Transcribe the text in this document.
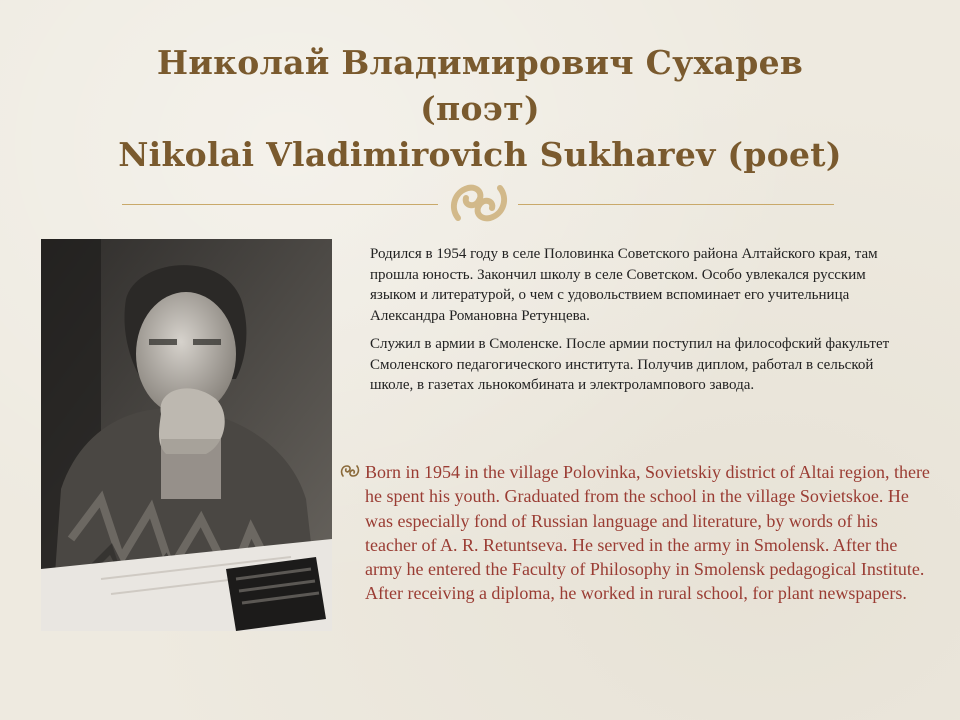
Николай Владимирович Сухарев
(поэт)
Nikolai Vladimirovich Sukharev (poet)

Родился в 1954 году в селе Половинка Советского района Алтайского края, там прошла юность. Закончил школу в селе Советском. Особо увлекался русским языком и литературой, о чем с удовольствием вспоминает его учительница Александра Романовна Ретунцева.

Служил в армии в Смоленске. После армии поступил на философский факультет Смоленского педагогического института. Получив диплом, работал в сельской школе, в газетах льнокомбината и электролампового завода.

Born in 1954 in the village Polovinka, Sovietskiy district of Altai region, there he spent his youth. Graduated from the school in the village Sovietskoe. He was especially fond of Russian language and literature, by words of his teacher of A. R. Retuntseva. He served in the army in Smolensk. After the army he entered the Faculty of Philosophy in Smolensk pedagogical Institute. After receiving a diploma, he worked in rural school, for plant newspapers.
